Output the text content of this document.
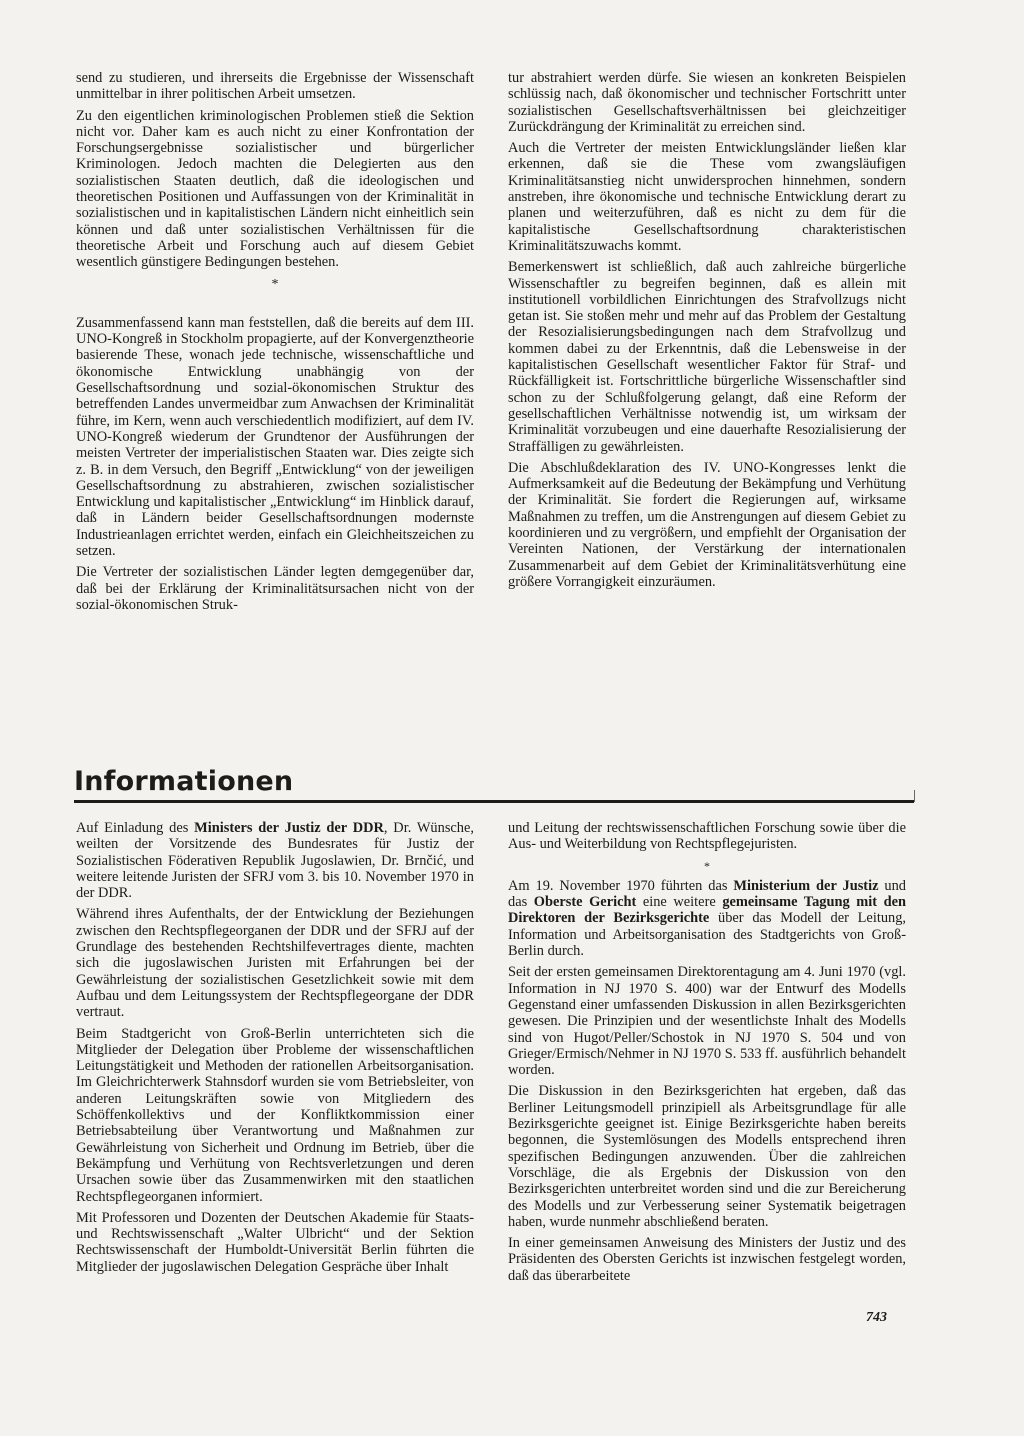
send zu studieren, und ihrerseits die Ergebnisse der Wissenschaft unmittelbar in ihrer politischen Arbeit umsetzen.

Zu den eigentlichen kriminologischen Problemen stieß die Sektion nicht vor. Daher kam es auch nicht zu einer Konfrontation der Forschungsergebnisse sozialistischer und bürgerlicher Kriminologen. Jedoch machten die Delegierten aus den sozialistischen Staaten deutlich, daß die ideologischen und theoretischen Positionen und Auffassungen von der Kriminalität in sozialistischen und in kapitalistischen Ländern nicht einheitlich sein können und daß unter sozialistischen Verhältnissen für die theoretische Arbeit und Forschung auch auf diesem Gebiet wesentlich günstigere Bedingungen bestehen.

*

Zusammenfassend kann man feststellen, daß die bereits auf dem III. UNO-Kongreß in Stockholm propagierte, auf der Konvergenztheorie basierende These, wonach jede technische, wissenschaftliche und ökonomische Entwicklung unabhängig von der Gesellschaftsordnung und sozial-ökonomischen Struktur des betreffenden Landes unvermeidbar zum Anwachsen der Kriminalität führe, im Kern, wenn auch verschiedentlich modifiziert, auf dem IV. UNO-Kongreß wiederum der Grundtenor der Ausführungen der meisten Vertreter der imperialistischen Staaten war. Dies zeigte sich z. B. in dem Versuch, den Begriff „Entwicklung“ von der jeweiligen Gesellschaftsordnung zu abstrahieren, zwischen sozialistischer Entwicklung und kapitalistischer „Entwicklung“ im Hinblick darauf, daß in Ländern beider Gesellschaftsordnungen modernste Industrieanlagen errichtet werden, einfach ein Gleichheitszeichen zu setzen.

Die Vertreter der sozialistischen Länder legten demgegenüber dar, daß bei der Erklärung der Kriminalitätsursachen nicht von der sozial-ökonomischen Struk-

tur abstrahiert werden dürfe. Sie wiesen an konkreten Beispielen schlüssig nach, daß ökonomischer und technischer Fortschritt unter sozialistischen Gesellschaftsverhältnissen bei gleichzeitiger Zurückdrängung der Kriminalität zu erreichen sind.

Auch die Vertreter der meisten Entwicklungsländer ließen klar erkennen, daß sie die These vom zwangsläufigen Kriminalitätsanstieg nicht unwidersprochen hinnehmen, sondern anstreben, ihre ökonomische und technische Entwicklung derart zu planen und weiterzuführen, daß es nicht zu dem für die kapitalistische Gesellschaftsordnung charakteristischen Kriminalitätszuwachs kommt.

Bemerkenswert ist schließlich, daß auch zahlreiche bürgerliche Wissenschaftler zu begreifen beginnen, daß es allein mit institutionell vorbildlichen Einrichtungen des Strafvollzugs nicht getan ist. Sie stoßen mehr und mehr auf das Problem der Gestaltung der Resozialisierungsbedingungen nach dem Strafvollzug und kommen dabei zu der Erkenntnis, daß die Lebensweise in der kapitalistischen Gesellschaft wesentlicher Faktor für Straf- und Rückfälligkeit ist. Fortschrittliche bürgerliche Wissenschaftler sind schon zu der Schlußfolgerung gelangt, daß eine Reform der gesellschaftlichen Verhältnisse notwendig ist, um wirksam der Kriminalität vorzubeugen und eine dauerhafte Resozialisierung der Straffälligen zu gewährleisten.

Die Abschlußdeklaration des IV. UNO-Kongresses lenkt die Aufmerksamkeit auf die Bedeutung der Bekämpfung und Verhütung der Kriminalität. Sie fordert die Regierungen auf, wirksame Maßnahmen zu treffen, um die Anstrengungen auf diesem Gebiet zu koordinieren und zu vergrößern, und empfiehlt der Organisation der Vereinten Nationen, der Verstärkung der internationalen Zusammenarbeit auf dem Gebiet der Kriminalitätsverhütung eine größere Vorrangigkeit einzuräumen.

Informationen

Auf Einladung des Ministers der Justiz der DDR, Dr. Wünsche, weilten der Vorsitzende des Bundesrates für Justiz der Sozialistischen Föderativen Republik Jugoslawien, Dr. Brnčić, und weitere leitende Juristen der SFRJ vom 3. bis 10. November 1970 in der DDR.

Während ihres Aufenthalts, der der Entwicklung der Beziehungen zwischen den Rechtspflegeorganen der DDR und der SFRJ auf der Grundlage des bestehenden Rechtshilfevertrages diente, machten sich die jugoslawischen Juristen mit Erfahrungen bei der Gewährleistung der sozialistischen Gesetzlichkeit sowie mit dem Aufbau und dem Leitungssystem der Rechtspflegeorgane der DDR vertraut.

Beim Stadtgericht von Groß-Berlin unterrichteten sich die Mitglieder der Delegation über Probleme der wissenschaftlichen Leitungstätigkeit und Methoden der rationellen Arbeitsorganisation. Im Gleichrichterwerk Stahnsdorf wurden sie vom Betriebsleiter, von anderen Leitungskräften sowie von Mitgliedern des Schöffenkollektivs und der Konfliktkommission einer Betriebsabteilung über Verantwortung und Maßnahmen zur Gewährleistung von Sicherheit und Ordnung im Betrieb, über die Bekämpfung und Verhütung von Rechtsverletzungen und deren Ursachen sowie über das Zusammenwirken mit den staatlichen Rechtspflegeorganen informiert.

Mit Professoren und Dozenten der Deutschen Akademie für Staats- und Rechtswissenschaft „Walter Ulbricht“ und der Sektion Rechtswissenschaft der Humboldt-Universität Berlin führten die Mitglieder der jugoslawischen Delegation Gespräche über Inhalt

und Leitung der rechtswissenschaftlichen Forschung sowie über die Aus- und Weiterbildung von Rechtspflegejuristen.

*

Am 19. November 1970 führten das Ministerium der Justiz und das Oberste Gericht eine weitere gemeinsame Tagung mit den Direktoren der Bezirksgerichte über das Modell der Leitung, Information und Arbeitsorganisation des Stadtgerichts von Groß-Berlin durch.

Seit der ersten gemeinsamen Direktorentagung am 4. Juni 1970 (vgl. Information in NJ 1970 S. 400) war der Entwurf des Modells Gegenstand einer umfassenden Diskussion in allen Bezirksgerichten gewesen. Die Prinzipien und der wesentlichste Inhalt des Modells sind von Hugot/Peller/Schostok in NJ 1970 S. 504 und von Grieger/Ermisch/Nehmer in NJ 1970 S. 533 ff. ausführlich behandelt worden.

Die Diskussion in den Bezirksgerichten hat ergeben, daß das Berliner Leitungsmodell prinzipiell als Arbeitsgrundlage für alle Bezirksgerichte geeignet ist. Einige Bezirksgerichte haben bereits begonnen, die Systemlösungen des Modells entsprechend ihren spezifischen Bedingungen anzuwenden. Über die zahlreichen Vorschläge, die als Ergebnis der Diskussion von den Bezirksgerichten unterbreitet worden sind und die zur Bereicherung des Modells und zur Verbesserung seiner Systematik beigetragen haben, wurde nunmehr abschließend beraten.

In einer gemeinsamen Anweisung des Ministers der Justiz und des Präsidenten des Obersten Gerichts ist inzwischen festgelegt worden, daß das überarbeitete

743
